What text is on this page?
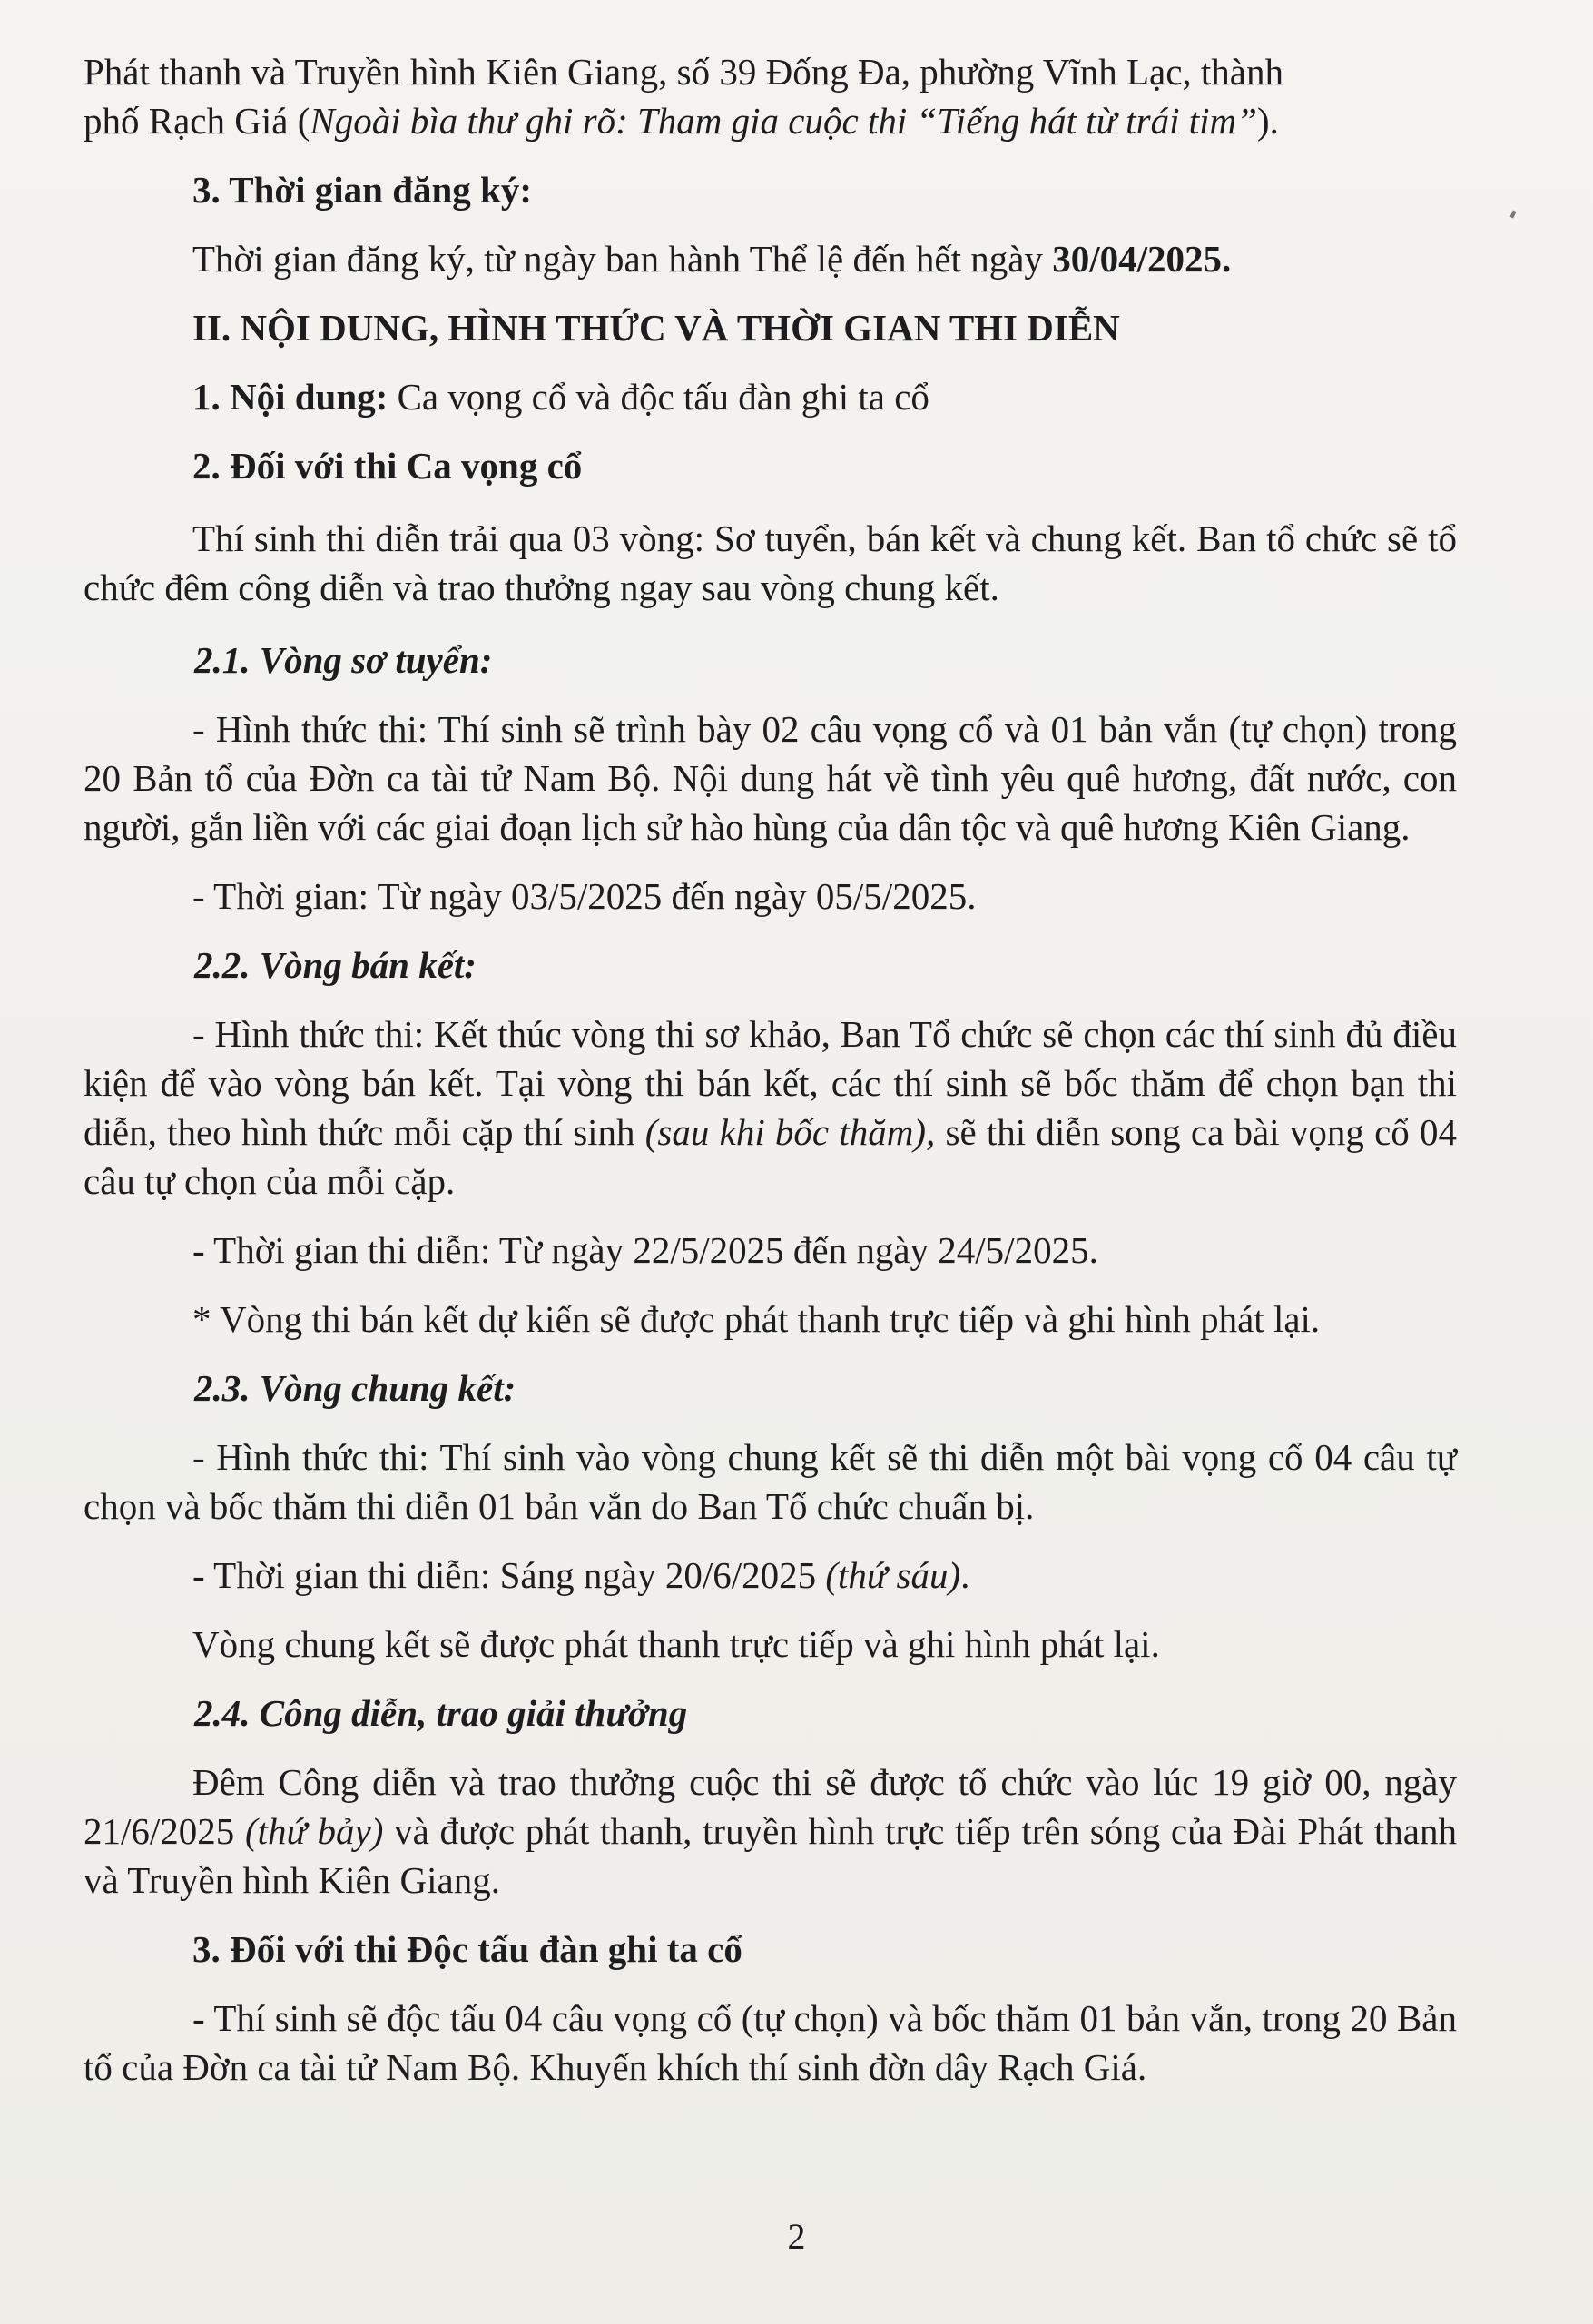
Phát thanh và Truyền hình Kiên Giang, số 39 Đống Đa, phường Vĩnh Lạc, thành
phố Rạch Giá (Ngoài bìa thư ghi rõ: Tham gia cuộc thi “Tiếng hát từ trái tim”).

3. Thời gian đăng ký:

Thời gian đăng ký, từ ngày ban hành Thể lệ đến hết ngày 30/04/2025.

II. NỘI DUNG, HÌNH THỨC VÀ THỜI GIAN THI DIỄN

1. Nội dung: Ca vọng cổ và độc tấu đàn ghi ta cổ

2. Đối với thi Ca vọng cổ

Thí sinh thi diễn trải qua 03 vòng: Sơ tuyển, bán kết và chung kết. Ban tổ chức sẽ tổ chức đêm công diễn và trao thưởng ngay sau vòng chung kết.

2.1. Vòng sơ tuyển:

- Hình thức thi: Thí sinh sẽ trình bày 02 câu vọng cổ và 01 bản vắn (tự chọn) trong 20 Bản tổ của Đờn ca tài tử Nam Bộ. Nội dung hát về tình yêu quê hương, đất nước, con người, gắn liền với các giai đoạn lịch sử hào hùng của dân tộc và quê hương Kiên Giang.

- Thời gian: Từ ngày 03/5/2025 đến ngày 05/5/2025.

2.2. Vòng bán kết:

- Hình thức thi: Kết thúc vòng thi sơ khảo, Ban Tổ chức sẽ chọn các thí sinh đủ điều kiện để vào vòng bán kết. Tại vòng thi bán kết, các thí sinh sẽ bốc thăm để chọn bạn thi diễn, theo hình thức mỗi cặp thí sinh (sau khi bốc thăm), sẽ thi diễn song ca bài vọng cổ 04 câu tự chọn của mỗi cặp.

- Thời gian thi diễn: Từ ngày 22/5/2025 đến ngày 24/5/2025.

* Vòng thi bán kết dự kiến sẽ được phát thanh trực tiếp và ghi hình phát lại.

2.3. Vòng chung kết:

- Hình thức thi: Thí sinh vào vòng chung kết sẽ thi diễn một bài vọng cổ 04 câu tự chọn và bốc thăm thi diễn 01 bản vắn do Ban Tổ chức chuẩn bị.

- Thời gian thi diễn: Sáng ngày 20/6/2025 (thứ sáu).

Vòng chung kết sẽ được phát thanh trực tiếp và ghi hình phát lại.

2.4. Công diễn, trao giải thưởng

Đêm Công diễn và trao thưởng cuộc thi sẽ được tổ chức vào lúc 19 giờ 00, ngày 21/6/2025 (thứ bảy) và được phát thanh, truyền hình trực tiếp trên sóng của Đài Phát thanh và Truyền hình Kiên Giang.

3. Đối với thi Độc tấu đàn ghi ta cổ

- Thí sinh sẽ độc tấu 04 câu vọng cổ (tự chọn) và bốc thăm 01 bản vắn, trong 20 Bản tổ của Đờn ca tài tử Nam Bộ. Khuyến khích thí sinh đờn dây Rạch Giá.

2
